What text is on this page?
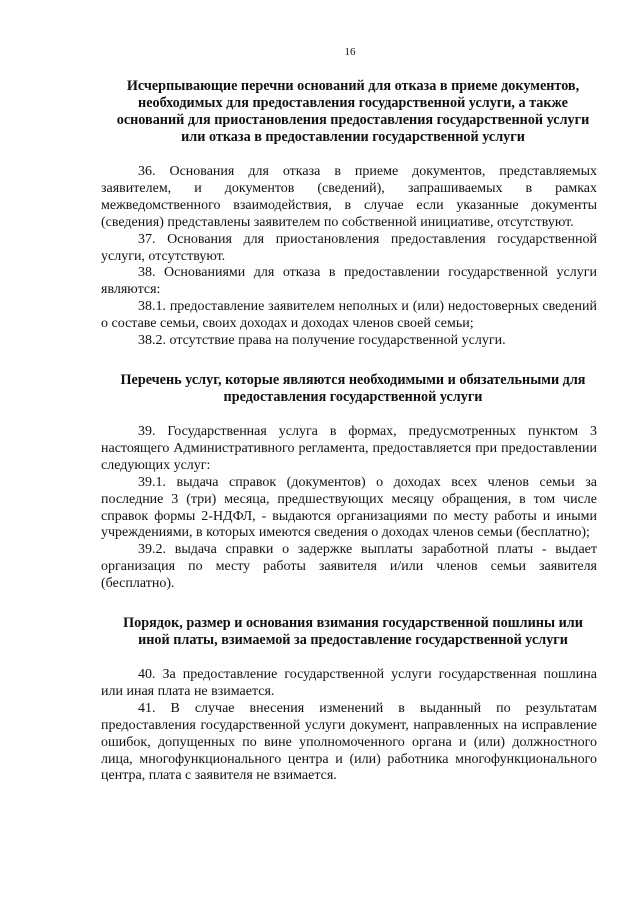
16
Исчерпывающие перечни оснований для отказа в приеме документов, необходимых для предоставления государственной услуги, а также оснований для приостановления предоставления государственной услуги или отказа в предоставлении государственной услуги

36. Основания для отказа в приеме документов, представляемых заявителем, и документов (сведений), запрашиваемых в рамках межведомственного взаимодействия, в случае если указанные документы (сведения) представлены заявителем по собственной инициативе, отсутствуют.

37. Основания для приостановления предоставления государственной услуги, отсутствуют.

38. Основаниями для отказа в предоставлении государственной услуги являются:

38.1. предоставление заявителем неполных и (или) недостоверных сведений о составе семьи, своих доходах и доходах членов своей семьи;

38.2. отсутствие права на получение государственной услуги.

Перечень услуг, которые являются необходимыми и обязательными для предоставления государственной услуги

39. Государственная услуга в формах, предусмотренных пунктом 3 настоящего Административного регламента, предоставляется при предоставлении следующих услуг:

39.1. выдача справок (документов) о доходах всех членов семьи за последние 3 (три) месяца, предшествующих месяцу обращения, в том числе справок формы 2-НДФЛ, - выдаются организациями по месту работы и иными учреждениями, в которых имеются сведения о доходах членов семьи (бесплатно);

39.2. выдача справки о задержке выплаты заработной платы - выдает организация по месту работы заявителя и/или членов семьи заявителя (бесплатно).

Порядок, размер и основания взимания государственной пошлины или иной платы, взимаемой за предоставление государственной услуги

40. За предоставление государственной услуги государственная пошлина или иная плата не взимается.

41. В случае внесения изменений в выданный по результатам предоставления государственной услуги документ, направленных на исправление ошибок, допущенных по вине уполномоченного органа и (или) должностного лица, многофункционального центра и (или) работника многофункционального центра, плата с заявителя не взимается.
